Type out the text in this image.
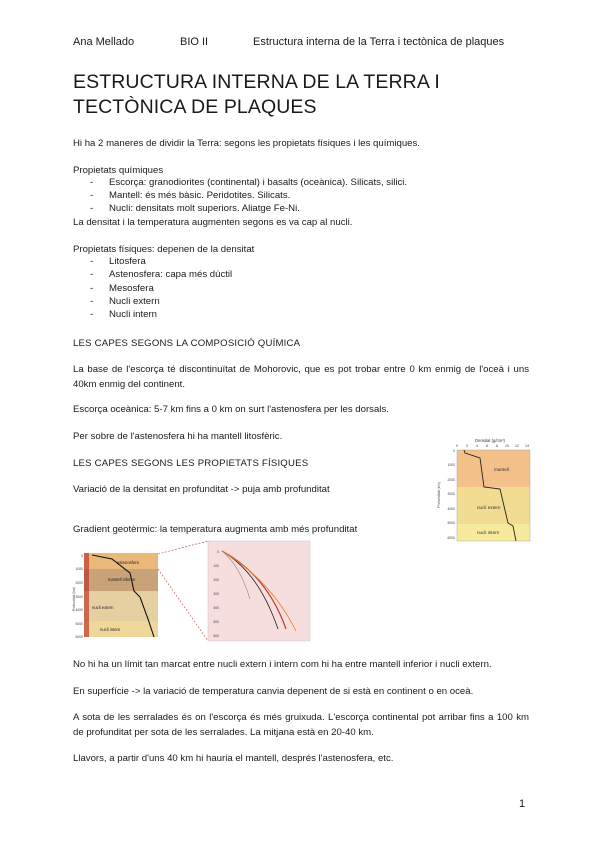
Ana Mellado	BIO II	Estructura interna de la Terra i tectònica de plaques
ESTRUCTURA INTERNA DE LA TERRA I TECTÒNICA DE PLAQUES
Hi ha 2 maneres de dividir la Terra: segons les propietats físiques i les químiques.
Propietats químiques
- Escorça: granodiorites (continental) i basalts (oceànica). Silicats, silici.
- Mantell: és més bàsic. Peridotites. Silicats.
- Nucli: densitats molt superiors. Aliatge Fe-Ni.
La densitat i la temperatura augmenten segons es va cap al nucli.
Propietats físiques: depenen de la densitat
- Litosfera
- Astenosfera: capa més dúctil
- Mesosfera
- Nucli extern
- Nucli intern
LES CAPES SEGONS LA COMPOSICIÓ QUÍMICA
La base de l'escorça té discontinuïtat de Mohorovic, que es pot trobar entre 0 km enmig de l'oceà i uns 40km enmig del continent.
Escorça oceànica: 5-7 km fins a 0 km on surt l'astenosfera per les dorsals.
Per sobre de l'astenosfera hi ha mantell litosfèric.
LES CAPES SEGONS LES PROPIETATS FÍSIQUES
Variació de la densitat en profunditat -> puja amb profunditat
Gradient geotèrmic: la temperatura augmenta amb més profunditat
Densitat (g/cm³)
0 2 4 6 8 10 12 14
mantell
nucli extern
nucli intern
0
1000
2000
3000
4000
5000
6000
Profunditat (km)
astenosfera
mantell inferior
nucli extern
nucli intern
0
1000
2000
3000
4000
5000
6000
Profunditat (km)
0
100
200
300
400
500
600
No hi ha un límit tan marcat entre nucli extern i intern com hi ha entre mantell inferior i nucli extern.
En superfície -> la variació de temperatura canvia depenent de si està en continent o en oceà.
A sota de les serralades és on l'escorça és més gruixuda. L'escorça continental pot arribar fins a 100 km de profunditat per sota de les serralades. La mitjana està en 20-40 km.
Llavors, a partir d'uns 40 km hi hauria el mantell, després l'astenosfera, etc.
1
